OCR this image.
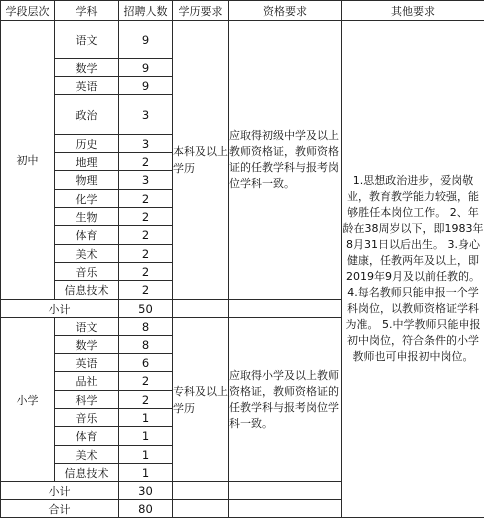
学段层次	学科	招聘人数	学历要求	资格要求	其他要求
初中	语文	9	本科及以上学历	应取得初级中学及以上教师资格证，教师资格证的任教学科与报考岗位学科一致。	1.思想政治进步，爱岗敬业，教育教学能力较强，能够胜任本岗位工作。 2、年龄在38周岁以下，即1983年8月31日以后出生。 3.身心健康，任教两年及以上，即2019年9月及以前任教的。 4.每名教师只能申报一个学科岗位，以教师资格证学科为准。 5.中学教师只能申报初中岗位，符合条件的小学教师也可申报初中岗位。
	数学	9			
	英语	9			
	政治	3			
	历史	3			
	地理	2			
	物理	3			
	化学	2			
	生物	2			
	体育	2			
	美术	2			
	音乐	2			
	信息技术	2			
小计		50			
小学	语文	8	专科及以上学历	应取得小学及以上教师资格证，教师资格证的任教学科与报考岗位学科一致。	
	数学	8			
	英语	6			
	品社	2			
	科学	2			
	音乐	1			
	体育	1			
	美术	1			
	信息技术	1			
小计		30			
合计		80			
